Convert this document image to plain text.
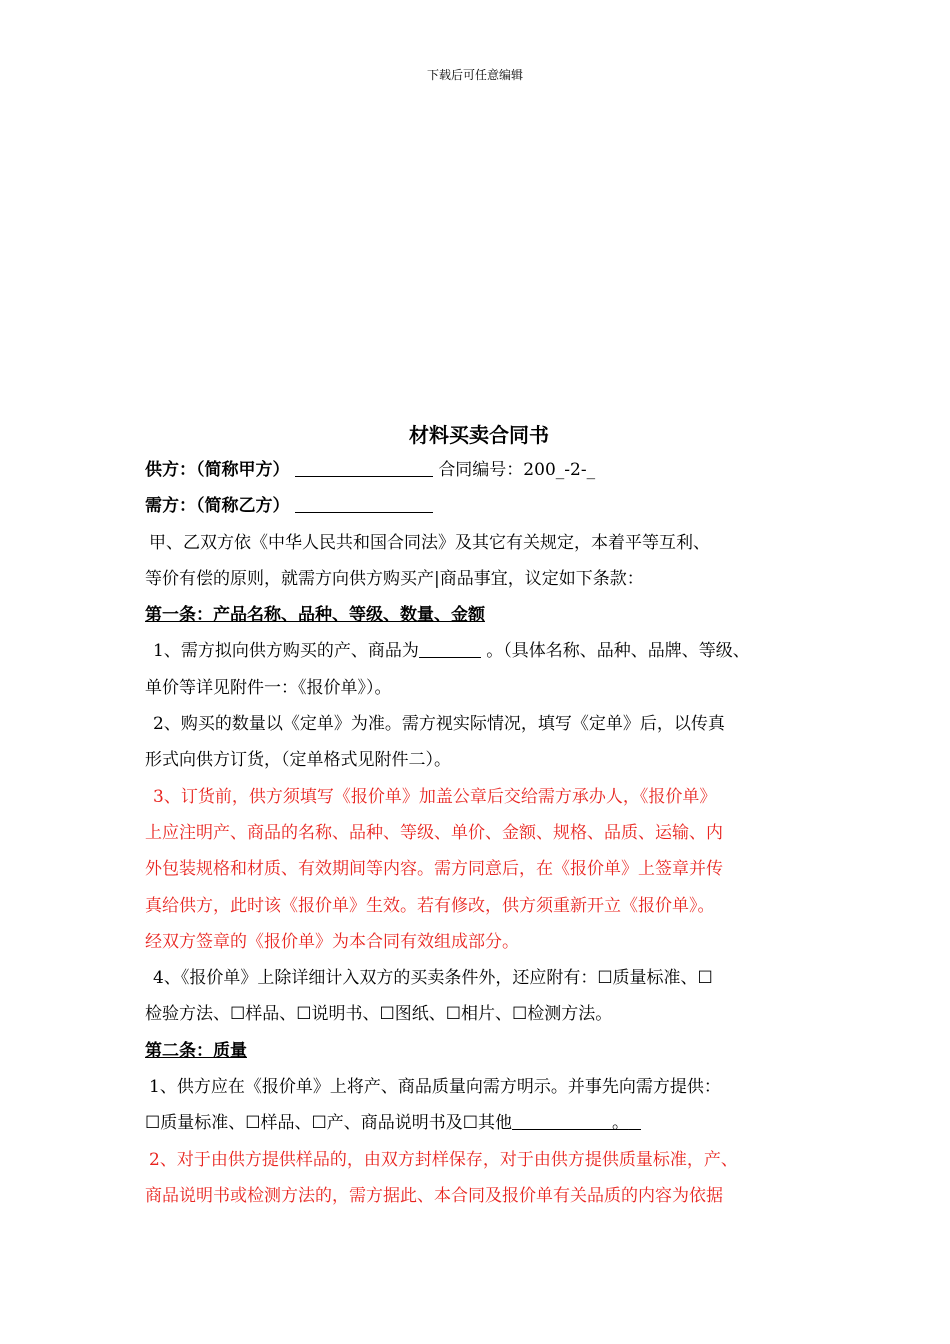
下载后可任意编辑

材料买卖合同书

供方：（简称甲方）	合同编号：200_-2-_

需方：（简称乙方）

甲、乙双方依《中华人民共和国合同法》及其它有关规定，本着平等互利、

等价有偿的原则，就需方向供方购买产|商品事宜，议定如下条款：

第一条：产品名称、品种、等级、数量、金额

1、需方拟向供方购买的产、商品为	。（具体名称、品种、品牌、等级、

单价等详见附件一：《报价单》）。

2、购买的数量以《定单》为准。需方视实际情况，填写《定单》后，以传真

形式向供方订货，（定单格式见附件二）。

3、订货前，供方须填写《报价单》加盖公章后交给需方承办人，《报价单》

上应注明产、商品的名称、品种、等级、单价、金额、规格、品质、运输、内

外包装规格和材质、有效期间等内容。需方同意后，在《报价单》上签章并传

真给供方，此时该《报价单》生效。若有修改，供方须重新开立《报价单》。

经双方签章的《报价单》为本合同有效组成部分。

4、《报价单》上除详细计入双方的买卖条件外，还应附有：☐质量标准、☐

检验方法、☐样品、☐说明书、☐图纸、☐相片、☐检测方法。

第二条：质量

1、供方应在《报价单》上将产、商品质量向需方明示。并事先向需方提供：

☐质量标准、☐样品、☐产、商品说明书及☐其他	。

2、对于由供方提供样品的，由双方封样保存，对于由供方提供质量标准，产、

商品说明书或检测方法的，需方据此、本合同及报价单有关品质的内容为依据
